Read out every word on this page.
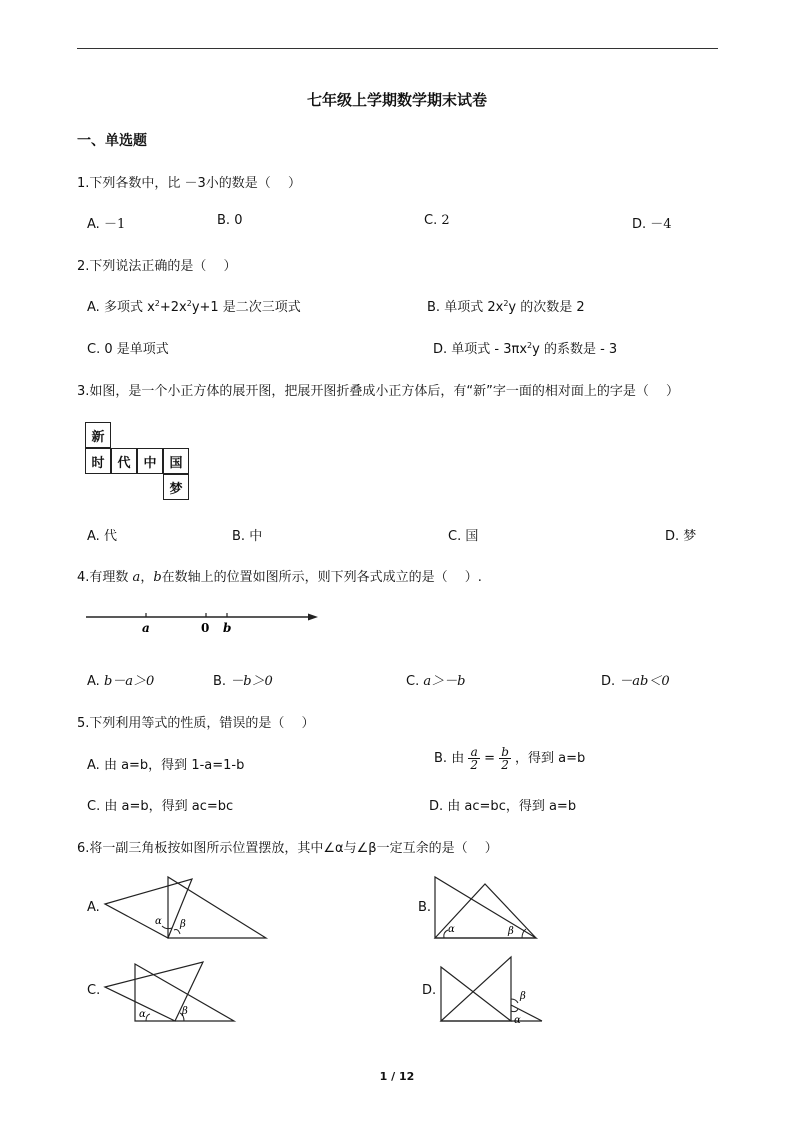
七年级上学期数学期末试卷
一、单选题
1.下列各数中，比 －3小的数是（　 ）
A. －1	B. 0	C. 2	D. －4
2.下列说法正确的是（　 ）
A. 多项式 $x^2+2x^2y+1$ 是二次三项式	B. 单项式 $2x^2y$ 的次数是 2
C. 0 是单项式	D. 单项式 - $3\pi x^2y$ 的系数是 - 3
3.如图，是一个小正方体的展开图，把展开图折叠成小正方体后，有“新”字一面的相对面上的字是（　 ）
新
时 代 中 国
梦
A. 代	B. 中	C. 国	D. 梦
4.有理数 a，b在数轴上的位置如图所示，则下列各式成立的是（　 ）.
a	0 b
A. b－a＞0	B. －b＞0	C. a＞－b	D. －ab＜0
5.下列利用等式的性质，错误的是（　 ）
A. 由 a=b，得到 1-a=1-b	B. 由 $\frac{a}{2} = \frac{b}{2}$ ，得到 a=b
C. 由 a=b，得到 ac=bc	D. 由 ac=bc，得到 a=b
6.将一副三角板按如图所示位置摆放，其中∠α与∠β一定互余的是（　 ）
A.
α β
B.
α	β
C.
α	β
D.
α
β
1 / 12
